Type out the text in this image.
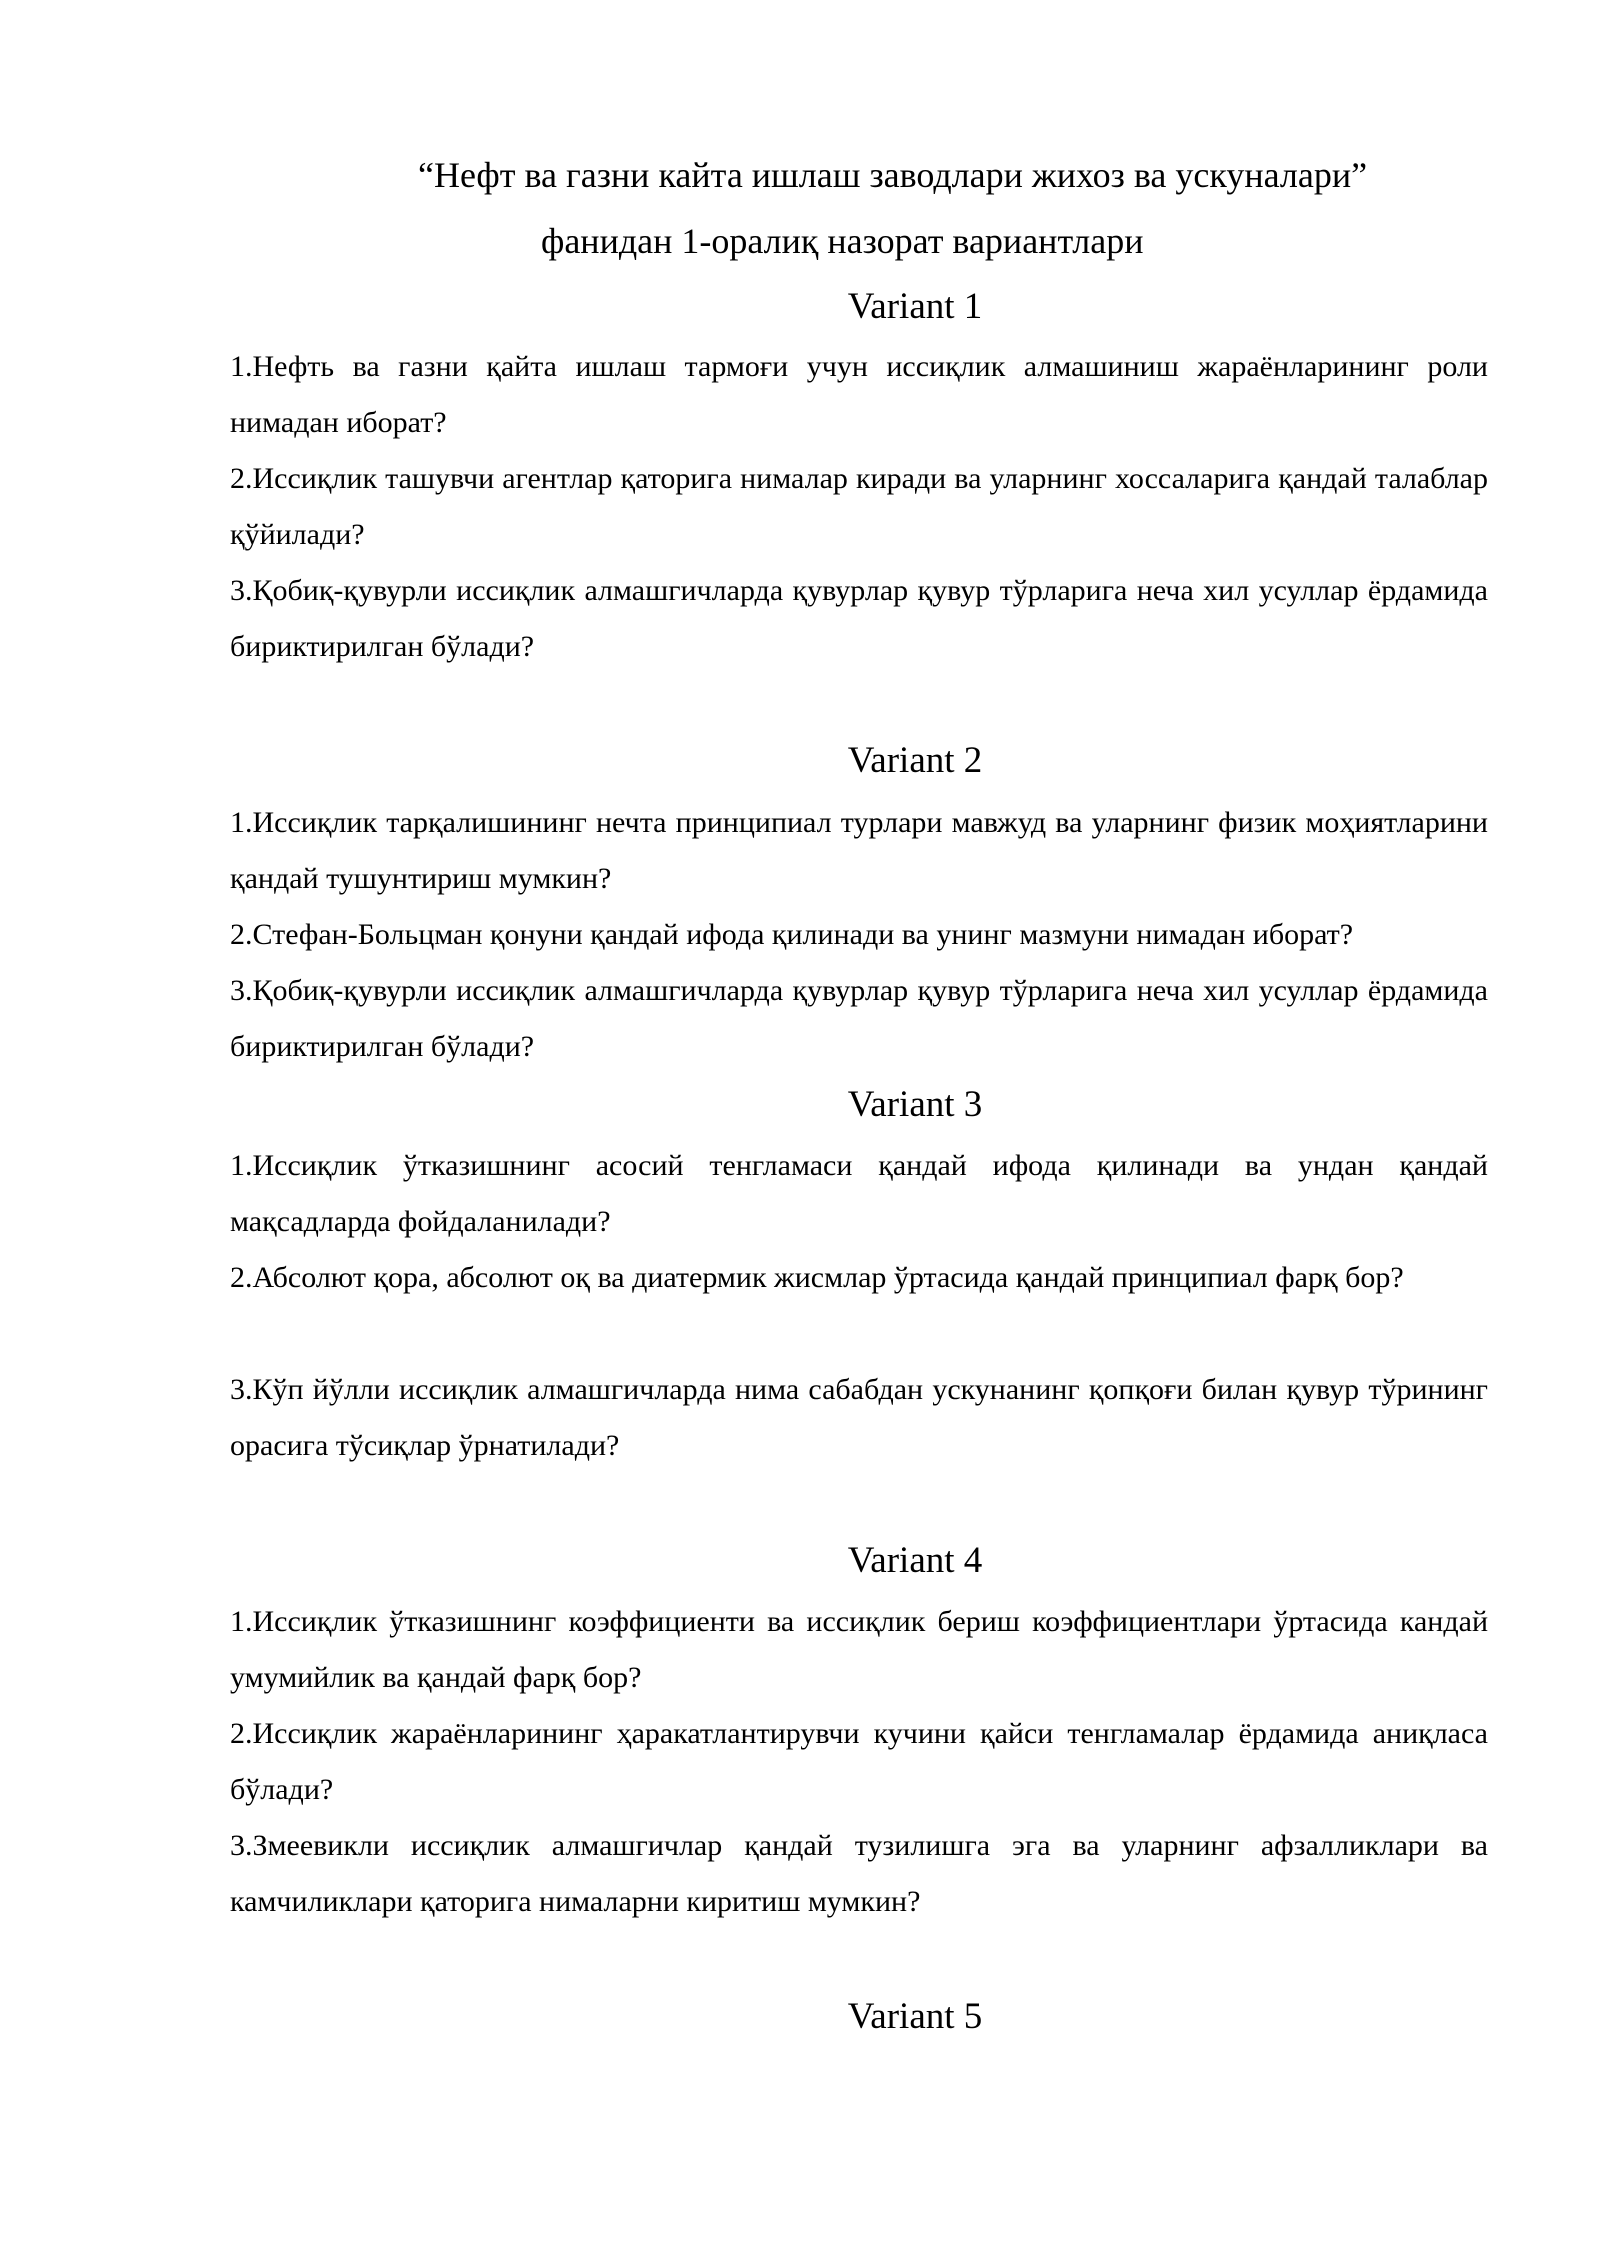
“Нефт ва газни кайта ишлаш заводлари жихоз ва ускуналари”
фанидан 1-оралиқ назорат вариантлари
Variant 1

1.Нефть ва газни қайта ишлаш тармоғи учун иссиқлик алмашиниш жараёнларининг роли нимадан иборат?

2.Иссиқлик ташувчи агентлар қаторига нималар киради ва уларнинг хоссаларига қандай талаблар қўйилади?

3.Қобиқ-қувурли иссиқлик алмашгичларда қувурлар қувур тўрларига неча хил усуллар ёрдамида бириктирилган бўлади?

Variant 2

1.Иссиқлик тарқалишининг нечта принципиал турлари мавжуд ва уларнинг физик моҳиятларини қандай тушунтириш мумкин?

2.Стефан-Больцман қонуни қандай ифода қилинади ва унинг мазмуни нимадан иборат?

3.Қобиқ-қувурли иссиқлик алмашгичларда қувурлар қувур тўрларига неча хил усуллар ёрдамида бириктирилган бўлади?

Variant 3

1.Иссиқлик ўтказишнинг асосий тенгламаси қандай ифода қилинади ва ундан қандай мақсадларда фойдаланилади?

2.Абсолют қора, абсолют оқ ва диатермик жисмлар ўртасида қандай принципиал фарқ бор?

3.Кўп йўлли иссиқлик алмашгичларда нима сабабдан ускунанинг қопқоғи билан қувур тўрининг орасига тўсиқлар ўрнатилади?

Variant 4

1.Иссиқлик ўтказишнинг коэффициенти ва иссиқлик бериш коэффициентлари ўртасида кандай умумийлик ва қандай фарқ бор?

2.Иссиқлик жараёнларининг ҳаракатлантирувчи кучини қайси тенгламалар ёрдамида аниқласа бўлади?

3.Змеевикли иссиқлик алмашгичлар қандай тузилишга эга ва уларнинг афзалликлари ва камчиликлари қаторига нималарни киритиш мумкин?

Variant 5
